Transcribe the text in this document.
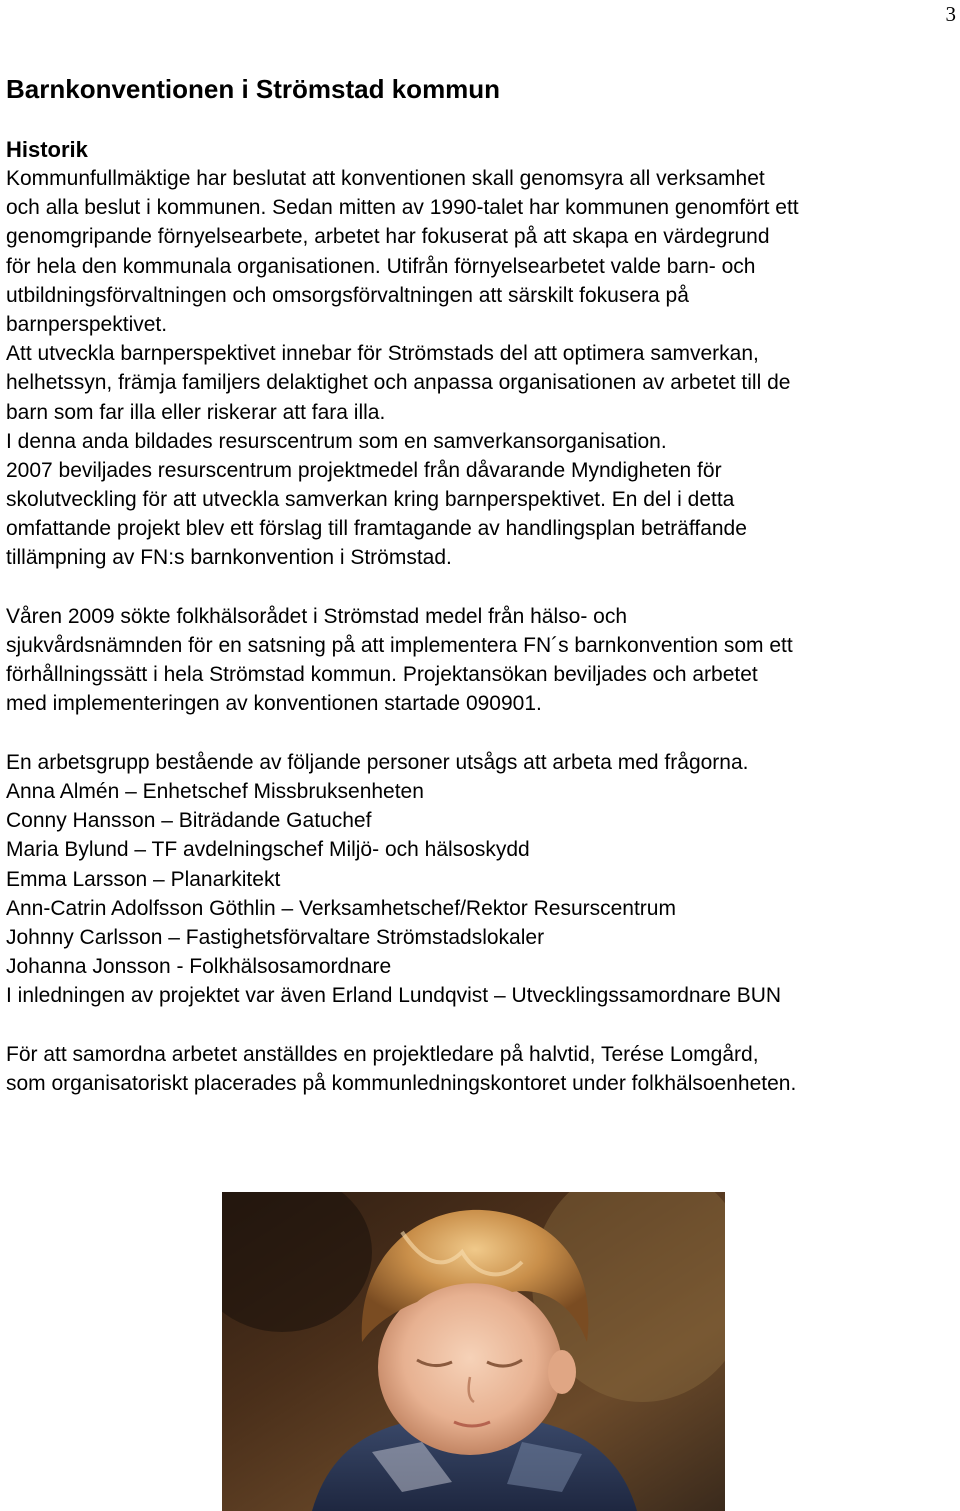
3
Barnkonventionen i Strömstad kommun
Historik
Kommunfullmäktige har beslutat att konventionen skall genomsyra all verksamhet
och alla beslut i kommunen. Sedan mitten av 1990-talet har kommunen genomfört ett
genomgripande förnyelsearbete, arbetet har fokuserat på att skapa en värdegrund
för hela den kommunala organisationen. Utifrån förnyelsearbetet valde barn- och
utbildningsförvaltningen och omsorgsförvaltningen att särskilt fokusera på
barnperspektivet.
Att utveckla barnperspektivet innebar för Strömstads del att optimera samverkan,
helhetssyn, främja familjers delaktighet och anpassa organisationen av arbetet till de
barn som far illa eller riskerar att fara illa.
I denna anda bildades resurscentrum som en samverkansorganisation.
2007 beviljades resurscentrum projektmedel från dåvarande Myndigheten för
skolutveckling för att utveckla samverkan kring barnperspektivet. En del i detta
omfattande projekt blev ett förslag till framtagande av handlingsplan beträffande
tillämpning av FN:s barnkonvention i Strömstad.
Våren 2009 sökte folkhälsorådet i Strömstad medel från hälso- och
sjukvårdsnämnden för en satsning på att implementera FN´s barnkonvention som ett
förhållningssätt i hela Strömstad kommun. Projektansökan beviljades och arbetet
med implementeringen av konventionen startade 090901.
En arbetsgrupp bestående av följande personer utsågs att arbeta med frågorna.
Anna Almén – Enhetschef Missbruksenheten
Conny Hansson – Biträdande Gatuchef
Maria Bylund – TF avdelningschef Miljö- och hälsoskydd
Emma Larsson – Planarkitekt
Ann-Catrin Adolfsson Göthlin – Verksamhetschef/Rektor Resurscentrum
Johnny Carlsson – Fastighetsförvaltare Strömstadslokaler
Johanna Jonsson - Folkhälsosamordnare
I inledningen av projektet var även Erland Lundqvist – Utvecklingssamordnare BUN
För att samordna arbetet anställdes en projektledare på halvtid, Terése Lomgård,
som organisatoriskt placerades på kommunledningskontoret under folkhälsoenheten.
